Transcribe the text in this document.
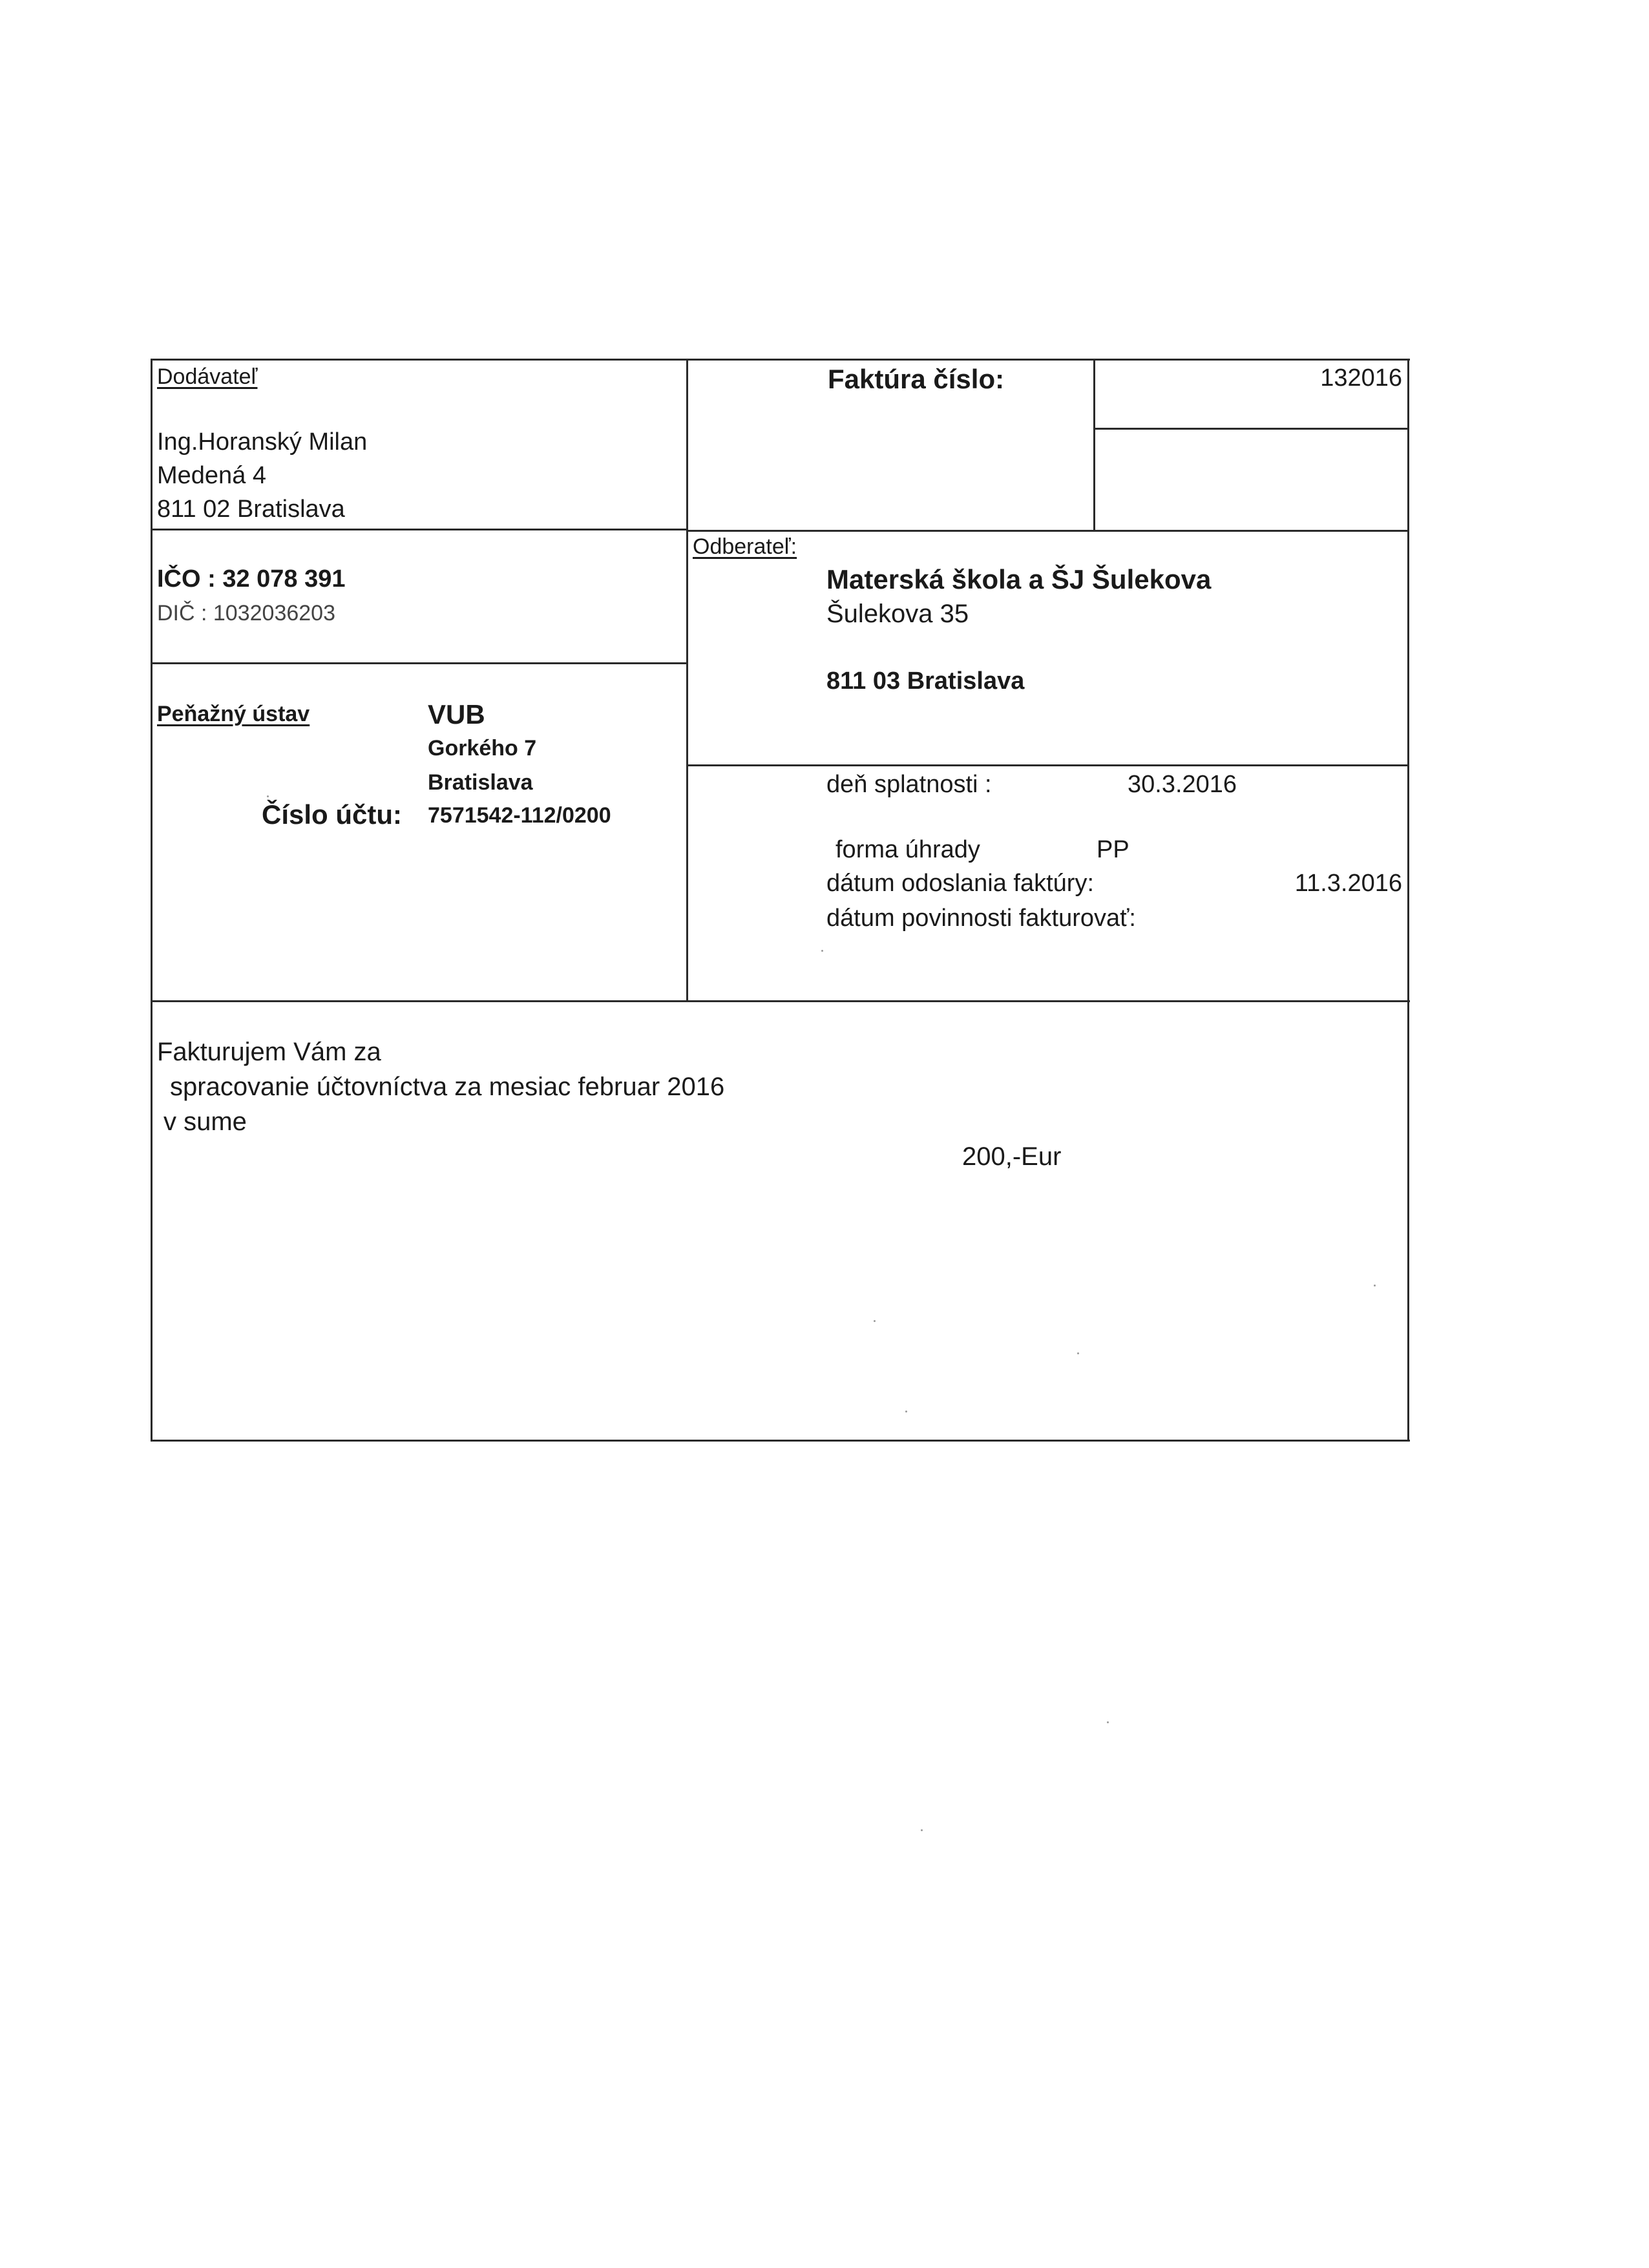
Dodávateľ
Ing.Horanský Milan
Medená 4
811 02 Bratislava
IČO : 32 078 391
DIČ : 1032036203
Peňažný ústav	VUB
Gorkého 7
Bratislava
Číslo účtu: 7571542-112/0200
Faktúra číslo:	132016
Odberateľ:
Materská škola a ŠJ Šulekova
Šulekova 35
811 03 Bratislava
deň splatnosti :	30.3.2016
forma úhrady	PP
dátum odoslania faktúry:	11.3.2016
dátum povinnosti fakturovať:
Fakturujem Vám za
spracovanie účtovníctva za mesiac februar 2016
v sume
200,-Eur
